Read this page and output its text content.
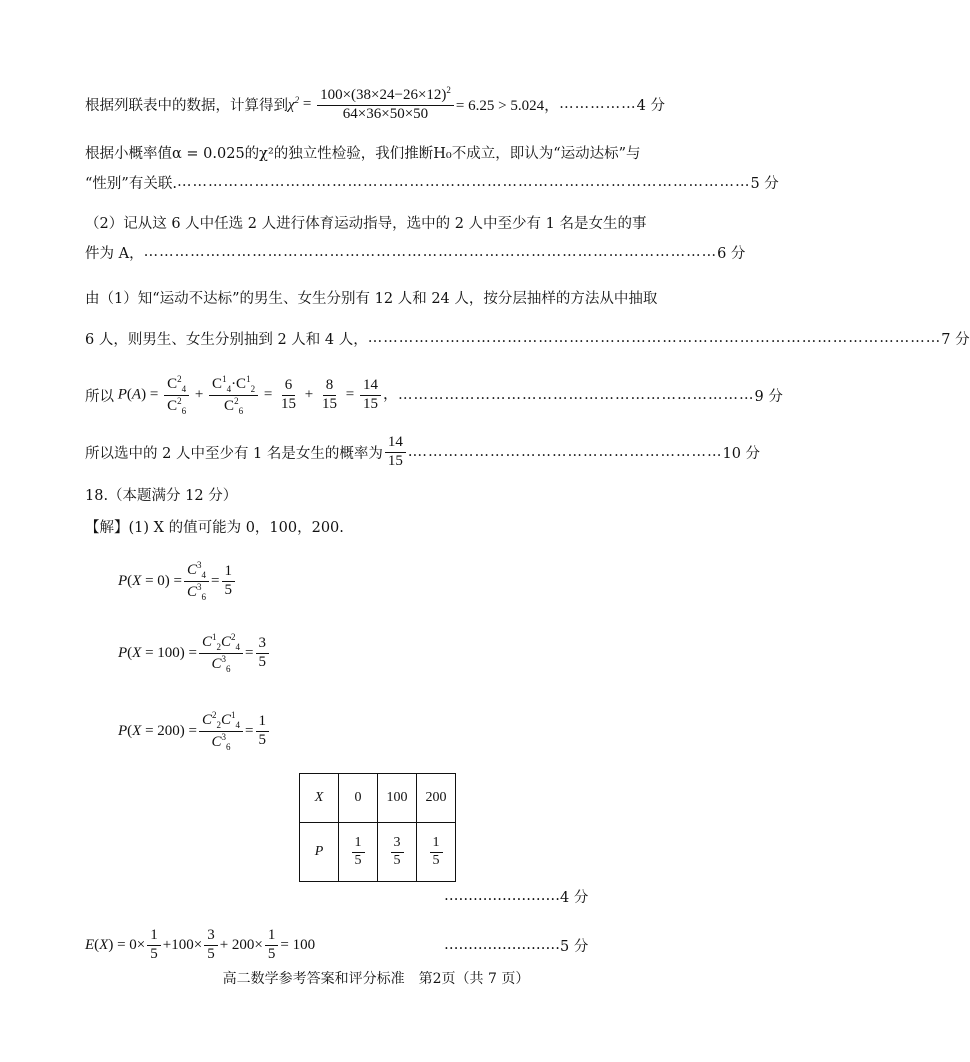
根据列联表中的数据，计算得到 $\chi^2 = \frac{100\times(38\times 24-26\times 12)^2}{64\times 36\times 50\times 50} = 6.25 > 5.024$， …………… 4 分
根据小概率值α = 0.025的χ²的独立性检验，我们推断H₀不成立，即认为“运动达标”与
“性别”有关联. ………………………………………………………………………………………………… 5 分
（2）记从这 6 人中任选 2 人进行体育运动指导，选中的 2 人中至少有 1 名是女生的事
件为 A， ………………………………………………………………………………………………… 6 分
由（1）知“运动不达标”的男生、女生分别有 12 人和 24 人，按分层抽样的方法从中抽取
6 人，则男生、女生分别抽到 2 人和 4 人， ………………………………………………………………………………………………… 7 分
所以 $P(A) = \frac{C^2_4}{C^2_6} + \frac{C^1_4\cdot C^1_2}{C^2_6} = \frac{6}{15} + \frac{8}{15} = \frac{14}{15}$ ， …………………………………………………………… 9 分
所以选中的 2 人中至少有 1 名是女生的概率为 $\frac{14}{15}$ . …………………………………………………… 10 分
18.（本题满分 12 分）
【解】(1) X 的值可能为 0，100，200.
P ( $X = 0) = \frac{C^3_4}{C^3_6} = \frac{1}{5}$
P ( $X = 100) = \frac{C^1_2C^2_4}{C^3_6} = \frac{3}{5}$
P ( $X = 200) = \frac{C^2_2C^1_4}{C^3_6} = \frac{1}{5}$
X	0	100	200
P	$\frac{1}{5}$	$\frac{3}{5}$	$\frac{1}{5}$
…………………… 4 分
E ( X ) = $0\times \frac{1}{5} +100\times \frac{3}{5} + 200\times \frac{1}{5} = 100$	…………………… 5 分
高二数学参考答案和评分标准　第2页（共 7 页）
